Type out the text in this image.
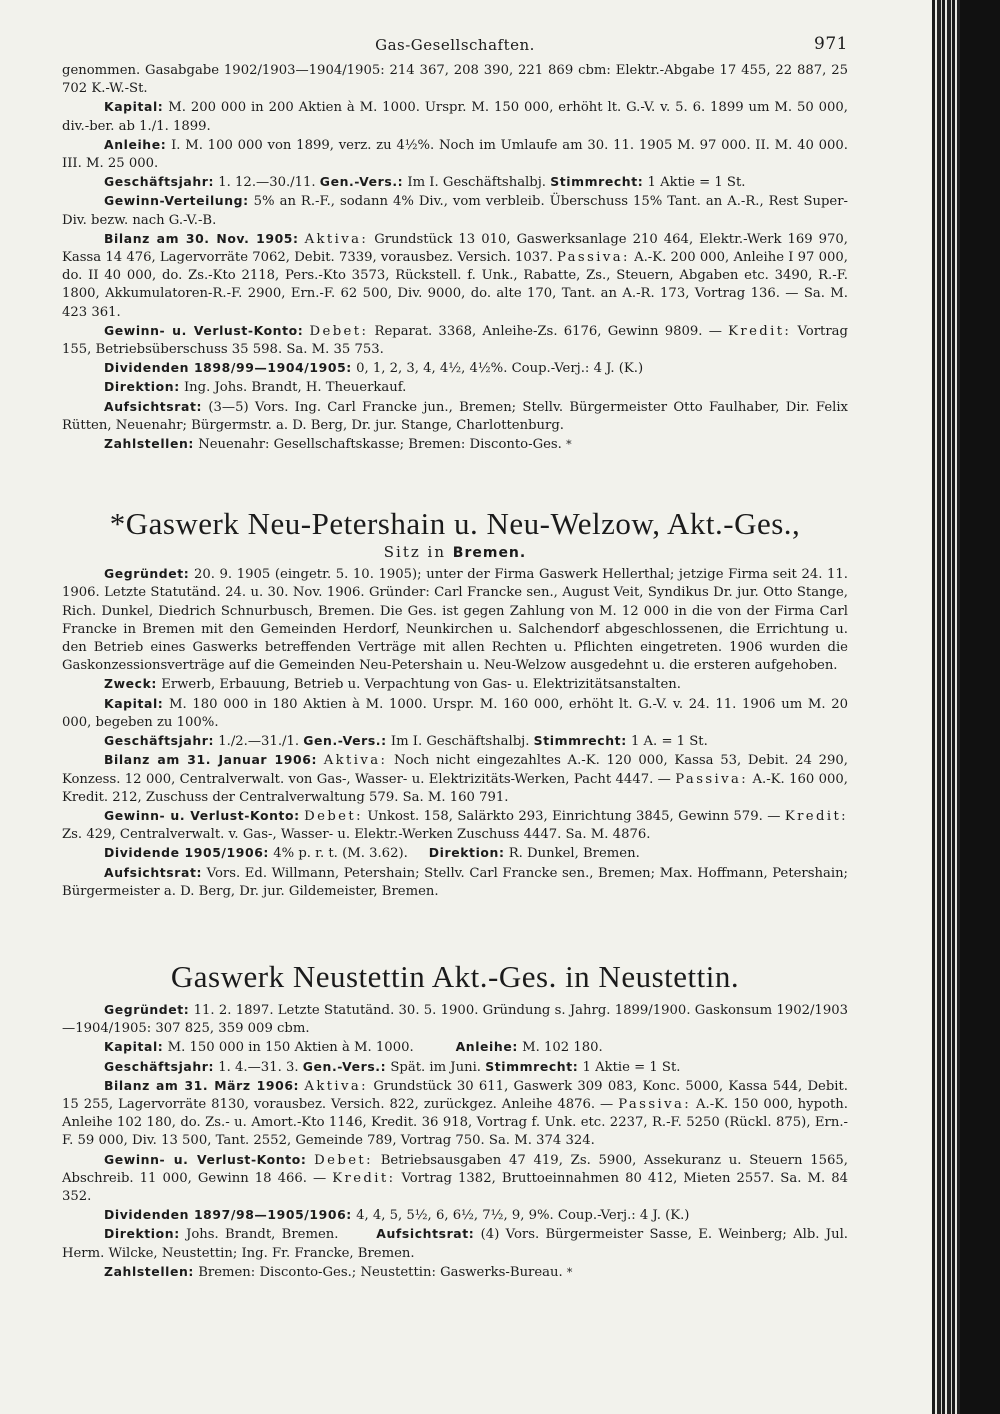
Gas-Gesellschaften.	971

genommen. Gasabgabe 1902/1903—1904/1905: 214 367, 208 390, 221 869 cbm: Elektr.-Abgabe 17 455, 22 887, 25 702 K.-W.-St.

Kapital: M. 200 000 in 200 Aktien à M. 1000. Urspr. M. 150 000, erhöht lt. G.-V. v. 5. 6. 1899 um M. 50 000, div.-ber. ab 1./1. 1899.

Anleihe: I. M. 100 000 von 1899, verz. zu 4½%. Noch im Umlaufe am 30. 11. 1905 M. 97 000. II. M. 40 000. III. M. 25 000.

Geschäftsjahr: 1. 12.—30./11. Gen.-Vers.: Im I. Geschäftshalbj. Stimmrecht: 1 Aktie = 1 St.

Gewinn-Verteilung: 5% an R.-F., sodann 4% Div., vom verbleib. Überschuss 15% Tant. an A.-R., Rest Super-Div. bezw. nach G.-V.-B.

Bilanz am 30. Nov. 1905: Aktiva: Grundstück 13 010, Gaswerksanlage 210 464, Elektr.-Werk 169 970, Kassa 14 476, Lagervorräte 7062, Debit. 7339, vorausbez. Versich. 1037. Passiva: A.-K. 200 000, Anleihe I 97 000, do. II 40 000, do. Zs.-Kto 2118, Pers.-Kto 3573, Rückstell. f. Unk., Rabatte, Zs., Steuern, Abgaben etc. 3490, R.-F. 1800, Akkumulatoren-R.-F. 2900, Ern.-F. 62 500, Div. 9000, do. alte 170, Tant. an A.-R. 173, Vortrag 136. — Sa. M. 423 361.

Gewinn- u. Verlust-Konto: Debet: Reparat. 3368, Anleihe-Zs. 6176, Gewinn 9809. — Kredit: Vortrag 155, Betriebsüberschuss 35 598. Sa. M. 35 753.

Dividenden 1898/99—1904/1905: 0, 1, 2, 3, 4, 4½, 4½%. Coup.-Verj.: 4 J. (K.)

Direktion: Ing. Johs. Brandt, H. Theuerkauf.

Aufsichtsrat: (3—5) Vors. Ing. Carl Francke jun., Bremen; Stellv. Bürgermeister Otto Faulhaber, Dir. Felix Rütten, Neuenahr; Bürgermstr. a. D. Berg, Dr. jur. Stange, Charlottenburg.

Zahlstellen: Neuenahr: Gesellschaftskasse; Bremen: Disconto-Ges. *

*Gaswerk Neu-Petershain u. Neu-Welzow, Akt.-Ges.,
Sitz in Bremen.

Gegründet: 20. 9. 1905 (eingetr. 5. 10. 1905); unter der Firma Gaswerk Hellerthal; jetzige Firma seit 24. 11. 1906. Letzte Statutänd. 24. u. 30. Nov. 1906. Gründer: Carl Francke sen., August Veit, Syndikus Dr. jur. Otto Stange, Rich. Dunkel, Diedrich Schnurbusch, Bremen. Die Ges. ist gegen Zahlung von M. 12 000 in die von der Firma Carl Francke in Bremen mit den Gemeinden Herdorf, Neunkirchen u. Salchendorf abgeschlossenen, die Errichtung u. den Betrieb eines Gaswerks betreffenden Verträge mit allen Rechten u. Pflichten eingetreten. 1906 wurden die Gaskonzessionsverträge auf die Gemeinden Neu-Petershain u. Neu-Welzow ausgedehnt u. die ersteren aufgehoben.

Zweck: Erwerb, Erbauung, Betrieb u. Verpachtung von Gas- u. Elektrizitätsanstalten.

Kapital: M. 180 000 in 180 Aktien à M. 1000. Urspr. M. 160 000, erhöht lt. G.-V. v. 24. 11. 1906 um M. 20 000, begeben zu 100%.

Geschäftsjahr: 1./2.—31./1. Gen.-Vers.: Im I. Geschäftshalbj. Stimmrecht: 1 A. = 1 St.

Bilanz am 31. Januar 1906: Aktiva: Noch nicht eingezahltes A.-K. 120 000, Kassa 53, Debit. 24 290, Konzess. 12 000, Centralverwalt. von Gas-, Wasser- u. Elektrizitäts-Werken, Pacht 4447. — Passiva: A.-K. 160 000, Kredit. 212, Zuschuss der Centralverwaltung 579. Sa. M. 160 791.

Gewinn- u. Verlust-Konto: Debet: Unkost. 158, Salärkto 293, Einrichtung 3845, Gewinn 579. — Kredit: Zs. 429, Centralverwalt. v. Gas-, Wasser- u. Elektr.-Werken Zuschuss 4447. Sa. M. 4876.

Dividende 1905/1906: 4% p. r. t. (M. 3.62). Direktion: R. Dunkel, Bremen.

Aufsichtsrat: Vors. Ed. Willmann, Petershain; Stellv. Carl Francke sen., Bremen; Max. Hoffmann, Petershain; Bürgermeister a. D. Berg, Dr. jur. Gildemeister, Bremen.

Gaswerk Neustettin Akt.-Ges. in Neustettin.

Gegründet: 11. 2. 1897. Letzte Statutänd. 30. 5. 1900. Gründung s. Jahrg. 1899/1900. Gaskonsum 1902/1903—1904/1905: 307 825, 359 009 cbm.

Kapital: M. 150 000 in 150 Aktien à M. 1000.	Anleihe: M. 102 180.

Geschäftsjahr: 1. 4.—31. 3. Gen.-Vers.: Spät. im Juni. Stimmrecht: 1 Aktie = 1 St.

Bilanz am 31. März 1906: Aktiva: Grundstück 30 611, Gaswerk 309 083, Konc. 5000, Kassa 544, Debit. 15 255, Lagervorräte 8130, vorausbez. Versich. 822, zurückgez. Anleihe 4876. — Passiva: A.-K. 150 000, hypoth. Anleihe 102 180, do. Zs.- u. Amort.-Kto 1146, Kredit. 36 918, Vortrag f. Unk. etc. 2237, R.-F. 5250 (Rückl. 875), Ern.-F. 59 000, Div. 13 500, Tant. 2552, Gemeinde 789, Vortrag 750. Sa. M. 374 324.

Gewinn- u. Verlust-Konto: Debet: Betriebsausgaben 47 419, Zs. 5900, Assekuranz u. Steuern 1565, Abschreib. 11 000, Gewinn 18 466. — Kredit: Vortrag 1382, Bruttoeinnahmen 80 412, Mieten 2557. Sa. M. 84 352.

Dividenden 1897/98—1905/1906: 4, 4, 5, 5½, 6, 6½, 7½, 9, 9%. Coup.-Verj.: 4 J. (K.)

Direktion: Johs. Brandt, Bremen.	Aufsichtsrat: (4) Vors. Bürgermeister Sasse, E. Weinberg; Alb. Jul. Herm. Wilcke, Neustettin; Ing. Fr. Francke, Bremen.

Zahlstellen: Bremen: Disconto-Ges.; Neustettin: Gaswerks-Bureau. *
